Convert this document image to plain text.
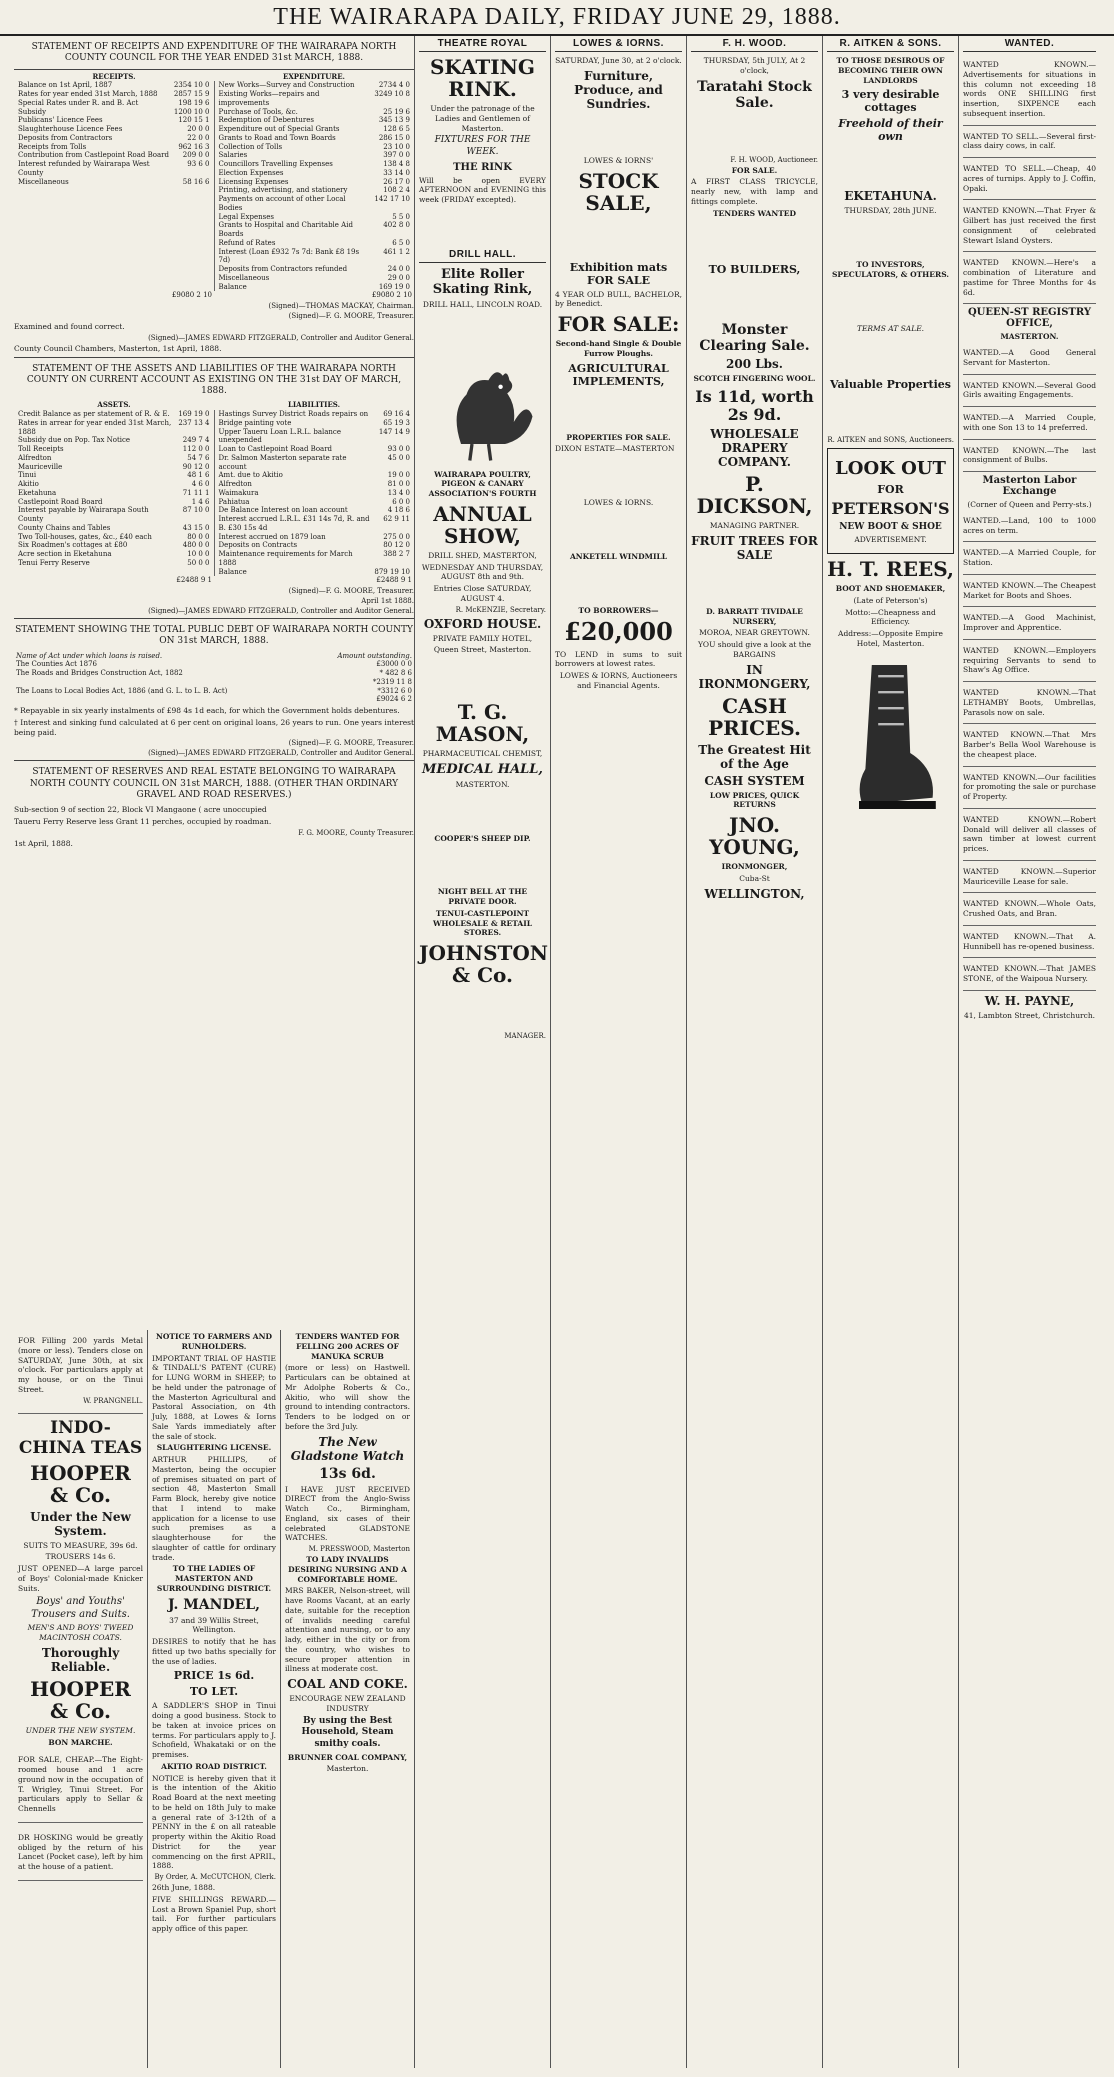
THE WAIRARAPA DAILY, FRIDAY JUNE 29, 1888.
STATEMENT OF RECEIPTS AND EXPENDITURE OF THE WAIRARAPA NORTH COUNTY COUNCIL FOR THE YEAR ENDED 31st MARCH, 1888.
RECEIPTS.	EXPENDITURE.

Balance on 1st April, 1887	2354 10 0
Rates for year ended 31st March, 1888	2857 15 9
Special Rates under R. and B. Act	198 19 6
Subsidy	1200 10 0
Publicans' Licence Fees	120 15 1
Slaughterhouse Licence Fees	20 0 0
Deposits from Contractors	22 0 0
Receipts from Tolls	962 16 3
Contribution from Castlepoint Road Board	209 0 0
Interest refunded by Wairarapa West County	93 6 0
Miscellaneous	58 16 6

New Works—Survey and Construction	2734 4 0
Existing Works—repairs and improvements	3249 10 8
Purchase of Tools, &c.	25 19 6
Redemption of Debentures	345 13 9
Expenditure out of Special Grants	128 6 5
Grants to Road and Town Boards	286 15 0
Collection of Tolls	23 10 0
Salaries	397 0 0
Councillors Travelling Expenses	138 4 8
Election Expenses	33 14 0
Licensing Expenses	26 17 0
Printing, advertising, and stationery	108 2 4
Payments on account of other Local Bodies	142 17 10
Legal Expenses	5 5 0
Grants to Hospital and Charitable Aid Boards	402 8 0
Refund of Rates	6 5 0
Interest (Loan £932 7s 7d: Bank £8 19s 7d)	461 1 2
Deposits from Contractors refunded	24 0 0
Miscellaneous	29 0 0
Balance	169 19 0

£9080 2 10	£9080 2 10
(Signed)—THOMAS MACKAY, Chairman.
(Signed)—F. G. MOORE, Treasurer.
Examined and found correct.
(Signed)—JAMES EDWARD FITZGERALD, Controller and Auditor General.
County Council Chambers, Masterton, 1st April, 1888.
STATEMENT OF THE ASSETS AND LIABILITIES OF THE WAIRARAPA NORTH COUNTY ON CURRENT ACCOUNT AS EXISTING ON THE 31st DAY OF MARCH, 1888.
ASSETS.	LIABILITIES.

Credit Balance as per statement of R. & E.	169 19 0
Rates in arrear for year ended 31st March, 1888	237 13 4
Subsidy due on Pop. Tax Notice	249 7 4
Toll Receipts	112 0 0
Alfredton	54 7 6
Mauriceville	90 12 0
Tinui	48 1 6
Akitio	4 6 0
Eketahuna	71 11 1
Castlepoint Road Board	1 4 6
Interest payable by Wairarapa South County	87 10 0
County Chains and Tables	43 15 0
Two Toll-houses, gates, &c., £40 each	80 0 0
Six Roadmen's cottages at £80	480 0 0
Acre section in Eketahuna	10 0 0
Tenui Ferry Reserve	50 0 0

Hastings Survey District Roads repairs on	69 16 4
Bridge painting vote	65 19 3
Upper Taueru Loan L.R.L. balance unexpended	147 14 9
Loan to Castlepoint Road Board	93 0 0
Dr. Salmon Masterton separate rate account	45 0 0
Amt. due to Akitio	19 0 0
Alfredton	81 0 0
Waimakura	13 4 0
Pahiatua	6 0 0
De Balance Interest on loan account	4 18 6
Interest accrued L.R.L. £31 14s 7d, R. and B. £30 15s 4d	62 9 11
Interest accrued on 1879 loan	275 0 0
Deposits on Contracts	80 12 0
Maintenance requirements for March 1888	388 2 7
Balance	879 19 10

£2488 9 1	£2488 9 1
(Signed)—F. G. MOORE, Treasurer.
April 1st 1888.
(Signed)—JAMES EDWARD FITZGERALD, Controller and Auditor General.
STATEMENT SHOWING THE TOTAL PUBLIC DEBT OF WAIRARAPA NORTH COUNTY ON 31st MARCH, 1888.
Name of Act under which loans is raised.	Amount outstanding.
The Counties Act 1876	£3000 0 0
The Roads and Bridges Construction Act, 1882	* 482 8 6
	*2319 11 8
The Loans to Local Bodies Act, 1886 (and G. L. to L. B. Act)	*3312 6 0
	£9024 6 2
* Repayable in six yearly instalments of £98 4s 1d each, for which the Government holds debentures.
† Interest and sinking fund calculated at 6 per cent on original loans, 26 years to run. One years interest being paid.
(Signed)—F. G. MOORE, Treasurer.
(Signed)—JAMES EDWARD FITZGERALD, Controller and Auditor General.
STATEMENT OF RESERVES AND REAL ESTATE BELONGING TO WAIRARAPA NORTH COUNTY COUNCIL ON 31st MARCH, 1888. (OTHER THAN ORDINARY GRAVEL AND ROAD RESERVES.)
Sub-section 9 of section 22, Block VI Mangaone ( acre unoccupied
Taueru Ferry Reserve less Grant 11 perches, occupied by roadman.
F. G. MOORE, County Treasurer.
1st April, 1888.
FOR Filling 200 yards Metal (more or less). Tenders close on SATURDAY, June 30th, at six o'clock. For particulars apply at my house, or on the Tinui Street.
W. PRANGNELL.
INDO-CHINA TEAS
HOOPER & Co.
Under the New System.
SUITS TO MEASURE, 39s 6d.
TROUSERS 14s 6.
JUST OPENED—A large parcel of Boys' Colonial-made Knicker Suits.
Boys' and Youths' Trousers and Suits.
MEN'S AND BOYS' TWEED MACINTOSH COATS.
Thoroughly Reliable.
HOOPER & Co.
UNDER THE NEW SYSTEM.
BON MARCHE.
FOR SALE, CHEAP.—The Eight-roomed house and 1 acre ground now in the occupation of T. Wrigley, Tinui Street. For particulars apply to Sellar & Chennells
DR HOSKING would be greatly obliged by the return of his Lancet (Pocket case), left by him at the house of a patient.
NOTICE TO FARMERS AND RUNHOLDERS.
IMPORTANT TRIAL OF HASTIE & TINDALL'S PATENT (CURE) for LUNG WORM in SHEEP; to be held under the patronage of the Masterton Agricultural and Pastoral Association, on 4th July, 1888, at Lowes & Iorns Sale Yards immediately after the sale of stock.
SLAUGHTERING LICENSE.
ARTHUR PHILLIPS, of Masterton, being the occupier of premises situated on part of section 48, Masterton Small Farm Block, hereby give notice that I intend to make application for a license to use such premises as a slaughterhouse for the slaughter of cattle for ordinary trade.
TO THE LADIES OF MASTERTON AND SURROUNDING DISTRICT.
J. MANDEL,
37 and 39 Willis Street, Wellington.
DESIRES to notify that he has fitted up two baths specially for the use of ladies.
PRICE 1s 6d.
TO LET.
A SADDLER'S SHOP in Tinui doing a good business. Stock to be taken at invoice prices on terms. For particulars apply to J. Schofield, Whakataki or on the premises.
AKITIO ROAD DISTRICT.
NOTICE is hereby given that it is the intention of the Akitio Road Board at the next meeting to be held on 18th July to make a general rate of 3-12th of a PENNY in the £ on all rateable property within the Akitio Road District for the year commencing on the first APRIL, 1888.
By Order, A. McCUTCHON, Clerk.
26th June, 1888.
FIVE SHILLINGS REWARD.—Lost a Brown Spaniel Pup, short tail. For further particulars apply office of this paper.
TENDERS WANTED FOR FELLING 200 ACRES OF MANUKA SCRUB
(more or less) on Hastwell. Particulars can be obtained at Mr Adolphe Roberts & Co., Akitio, who will show the ground to intending contractors. Tenders to be lodged on or before the 3rd July.
The New Gladstone Watch
13s 6d.
I HAVE JUST RECEIVED DIRECT from the Anglo-Swiss Watch Co., Birmingham, England, six cases of their celebrated GLADSTONE WATCHES.
M. PRESSWOOD, Masterton
TO LADY INVALIDS DESIRING NURSING AND A COMFORTABLE HOME.
MRS BAKER, Nelson-street, will have Rooms Vacant, at an early date, suitable for the reception of invalids needing careful attention and nursing, or to any lady, either in the city or from the country, who wishes to secure proper attention in illness at moderate cost.
COAL AND COKE.
ENCOURAGE NEW ZEALAND INDUSTRY
By using the Best Household, Steam smithy coals.
BRUNNER COAL COMPANY,
Masterton.
THEATRE ROYAL
SKATING RINK.
Under the patronage of the Ladies and Gentlemen of Masterton.
FIXTURES FOR THE WEEK.
THE RINK
Will be open EVERY AFTERNOON and EVENING this week (FRIDAY excepted).
DRILL HALL.
Elite Roller Skating Rink,
DRILL HALL, LINCOLN ROAD.
WAIRARAPA POULTRY, PIGEON & CANARY ASSOCIATION'S FOURTH
ANNUAL SHOW,
DRILL SHED, MASTERTON,
WEDNESDAY AND THURSDAY, AUGUST 8th and 9th.
Entries Close SATURDAY, AUGUST 4.
R. McKENZIE, Secretary.
OXFORD HOUSE.
PRIVATE FAMILY HOTEL,
Queen Street, Masterton.
T. G. MASON,
PHARMACEUTICAL CHEMIST,
MEDICAL HALL,
MASTERTON.
COOPER'S SHEEP DIP.
NIGHT BELL AT THE PRIVATE DOOR.
TENUI-CASTLEPOINT WHOLESALE & RETAIL STORES.
JOHNSTON & Co.
MANAGER.
LOWES & IORNS.
SATURDAY, June 30, at 2 o'clock.
Furniture, Produce, and Sundries.
LOWES & IORNS'
STOCK SALE,
Exhibition mats FOR SALE
4 YEAR OLD BULL, BACHELOR, by Benedict.
FOR SALE:
Second-hand Single & Double Furrow Ploughs.
AGRICULTURAL IMPLEMENTS,
PROPERTIES FOR SALE.
DIXON ESTATE—MASTERTON
LOWES & IORNS.
ANKETELL WINDMILL
TO BORROWERS—
£20,000
TO LEND in sums to suit borrowers at lowest rates.
LOWES & IORNS, Auctioneers and Financial Agents.
F. H. WOOD.
THURSDAY, 5th JULY, At 2 o'clock,
Taratahi Stock Sale.
F. H. WOOD, Auctioneer.
FOR SALE.
A FIRST CLASS TRICYCLE, nearly new, with lamp and fittings complete.
TENDERS WANTED
TO BUILDERS,
Monster Clearing Sale.
200 Lbs.
SCOTCH FINGERING WOOL.
Is 11d, worth 2s 9d.
WHOLESALE DRAPERY COMPANY.
P. DICKSON,
MANAGING PARTNER.
FRUIT TREES FOR SALE
D. BARRATT TIVIDALE NURSERY,
MOROA, NEAR GREYTOWN.
YOU should give a look at the BARGAINS
IN IRONMONGERY,
CASH PRICES.
The Greatest Hit of the Age
CASH SYSTEM
LOW PRICES, QUICK RETURNS
JNO. YOUNG,
IRONMONGER,
Cuba-St
WELLINGTON,
R. AITKEN & SONS.
TO THOSE DESIROUS OF BECOMING THEIR OWN LANDLORDS
3 very desirable cottages
Freehold of their own
EKETAHUNA.
THURSDAY, 28th JUNE.
TO INVESTORS, SPECULATORS, & OTHERS.
TERMS AT SALE.
Valuable Properties
R. AITKEN and SONS, Auctioneers.
LOOK OUT
FOR
PETERSON'S
NEW BOOT & SHOE
ADVERTISEMENT.
H. T. REES,
BOOT AND SHOEMAKER,
(Late of Peterson's)
Motto:—Cheapness and Efficiency.
Address:—Opposite Empire Hotel, Masterton.
WANTED.
WANTED KNOWN.—Advertisements for situations in this column not exceeding 18 words ONE SHILLING first insertion, SIXPENCE each subsequent insertion.
WANTED TO SELL.—Several first-class dairy cows, in calf.
WANTED TO SELL.—Cheap, 40 acres of turnips. Apply to J. Coffin, Opaki.
WANTED KNOWN.—That Fryer & Gilbert has just received the first consignment of celebrated Stewart Island Oysters.
WANTED KNOWN.—Here's a combination of Literature and pastime for Three Months for 4s 6d.
QUEEN-ST REGISTRY OFFICE,
MASTERTON.
WANTED.—A Good General Servant for Masterton.
WANTED KNOWN.—Several Good Girls awaiting Engagements.
WANTED.—A Married Couple, with one Son 13 to 14 preferred.
WANTED KNOWN.—The last consignment of Bulbs.
Masterton Labor Exchange
(Corner of Queen and Perry-sts.)
WANTED.—Land, 100 to 1000 acres on term.
WANTED.—A Married Couple, for Station.
WANTED KNOWN.—The Cheapest Market for Boots and Shoes.
WANTED.—A Good Machinist, Improver and Apprentice.
WANTED KNOWN.—Employers requiring Servants to send to Shaw's Ag Office.
WANTED KNOWN.—That LETHAMBY Boots, Umbrellas, Parasols now on sale.
WANTED KNOWN.—That Mrs Barber's Bella Wool Warehouse is the cheapest place.
WANTED KNOWN.—Our facilities for promoting the sale or purchase of Property.
WANTED KNOWN.—Robert Donald will deliver all classes of sawn timber at lowest current prices.
WANTED KNOWN.—Superior Mauriceville Lease for sale.
WANTED KNOWN.—Whole Oats, Crushed Oats, and Bran.
WANTED KNOWN.—That A. Hunnibell has re-opened business.
WANTED KNOWN.—That JAMES STONE, of the Waipoua Nursery.
W. H. PAYNE,
41, Lambton Street, Christchurch.
